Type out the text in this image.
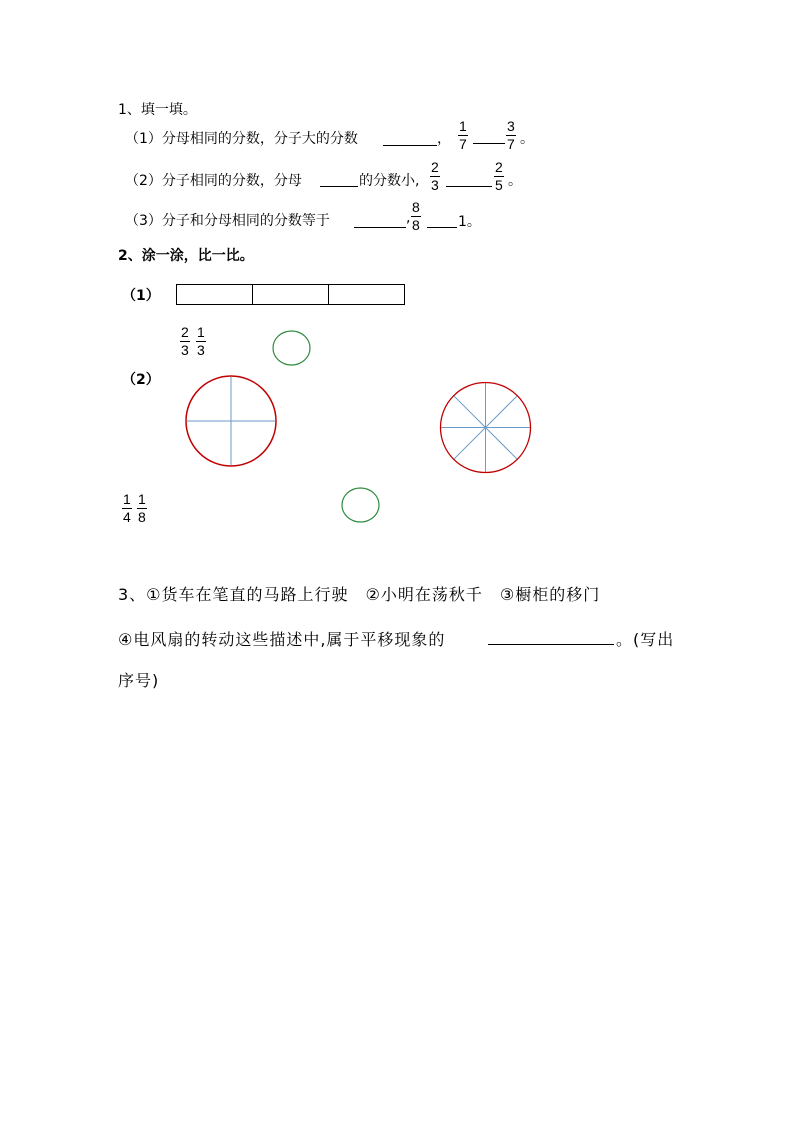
1、填一填。
（1）分母相同的分数，分子大的分数	， $\frac{1}{7}$	$\frac{3}{7}$ 。
（2）分子相同的分数，分母	的分数小, $\frac{2}{3}$	$\frac{2}{5}$ 。
（3）分子和分母相同的分数等于	, $\frac{8}{8}$	1。
2、涂一涂，比一比。
（1）
$\frac{2}{3} \frac{1}{3}$
（2）
$\frac{1}{4} \frac{1}{8}$
3、①货车在笔直的马路上行驶　②小明在荡秋千　③橱柜的移门
④电风扇的转动这些描述中,属于平移现象的	。(写出
序号)
